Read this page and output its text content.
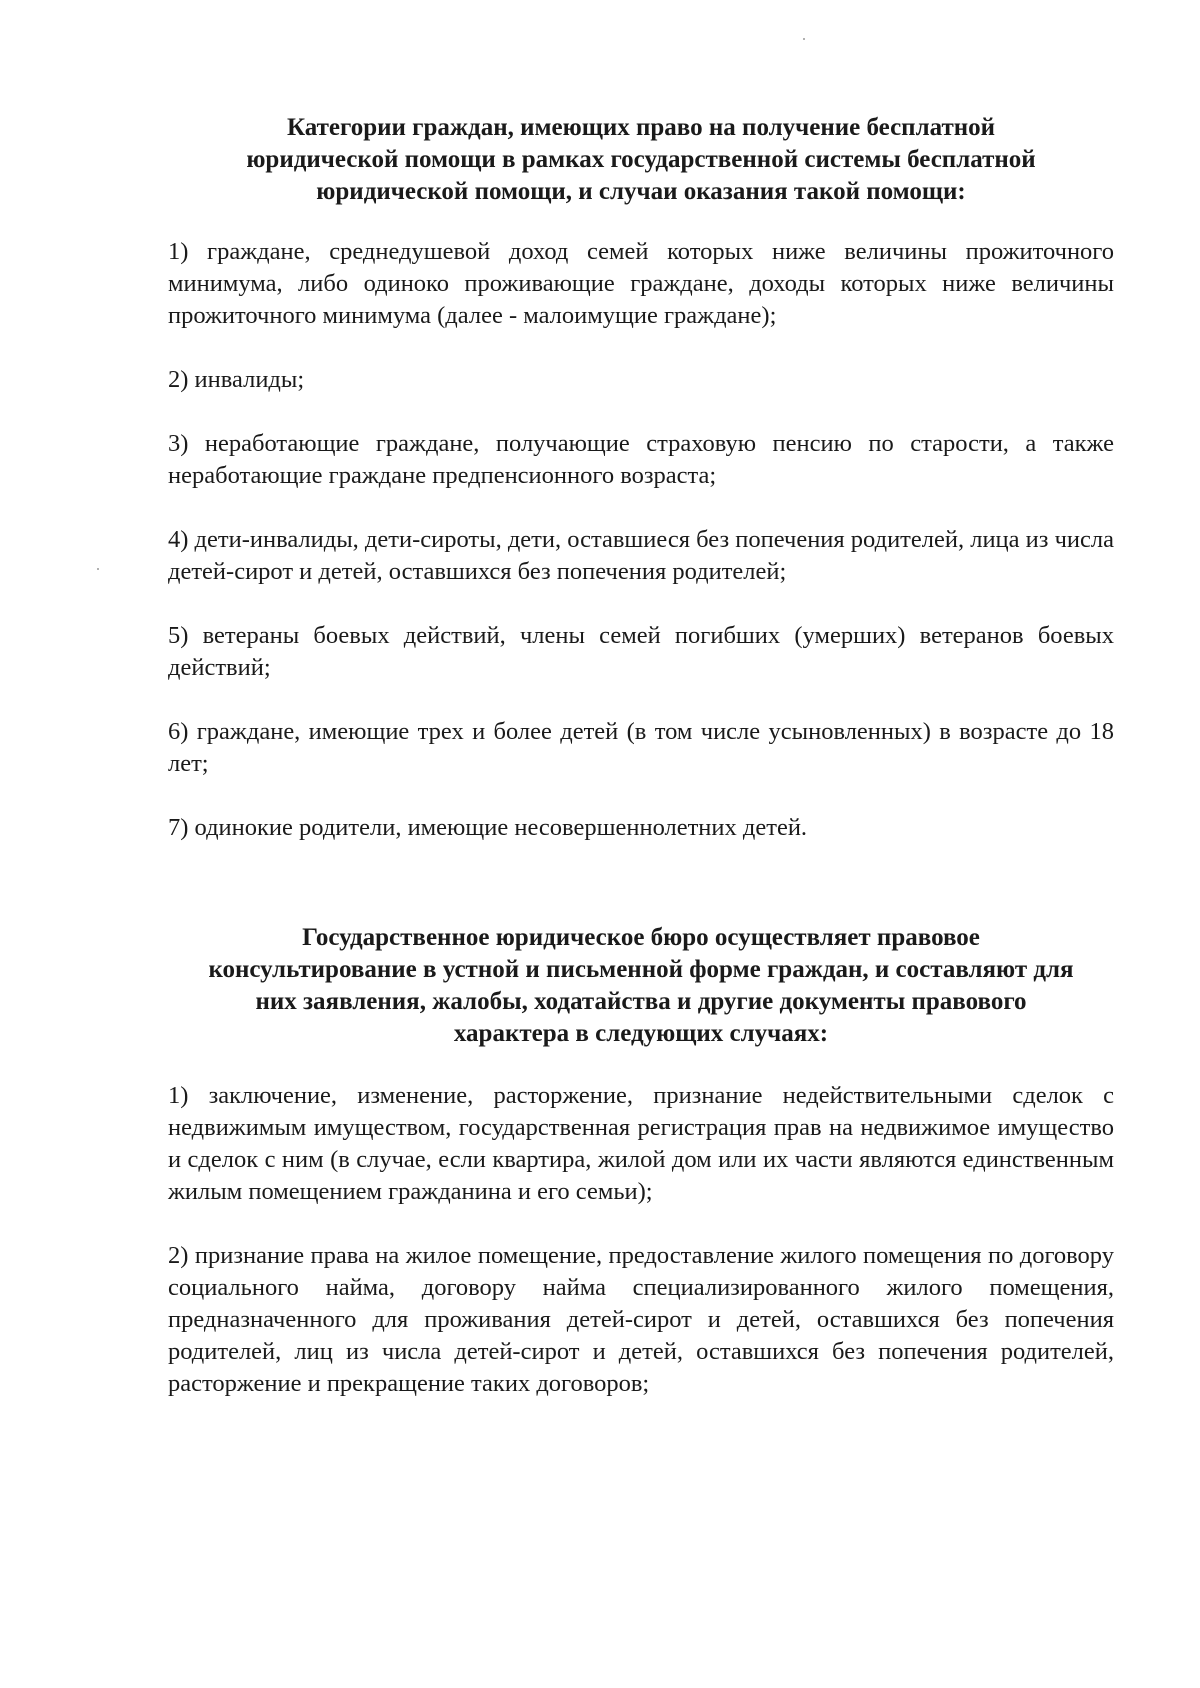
Категории граждан, имеющих право на получение бесплатной юридической помощи в рамках государственной системы бесплатной юридической помощи, и случаи оказания такой помощи:

1) граждане, среднедушевой доход семей которых ниже величины прожиточного минимума, либо одиноко проживающие граждане, доходы которых ниже величины прожиточного минимума (далее - малоимущие граждане);

2) инвалиды;

3) неработающие граждане, получающие страховую пенсию по старости, а также неработающие граждане предпенсионного возраста;

4) дети-инвалиды, дети-сироты, дети, оставшиеся без попечения родителей, лица из числа детей-сирот и детей, оставшихся без попечения родителей;

5) ветераны боевых действий, члены семей погибших (умерших) ветеранов боевых действий;

6) граждане, имеющие трех и более детей (в том числе усыновленных) в возрасте до 18 лет;

7) одинокие родители, имеющие несовершеннолетних детей.

Государственное юридическое бюро осуществляет правовое консультирование в устной и письменной форме граждан, и составляют для них заявления, жалобы, ходатайства и другие документы правового характера в следующих случаях:

1) заключение, изменение, расторжение, признание недействительными сделок с недвижимым имуществом, государственная регистрация прав на недвижимое имущество и сделок с ним (в случае, если квартира, жилой дом или их части являются единственным жилым помещением гражданина и его семьи);

2) признание права на жилое помещение, предоставление жилого помещения по договору социального найма, договору найма специализированного жилого помещения, предназначенного для проживания детей-сирот и детей, оставшихся без попечения родителей, лиц из числа детей-сирот и детей, оставшихся без попечения родителей, расторжение и прекращение таких договоров;
